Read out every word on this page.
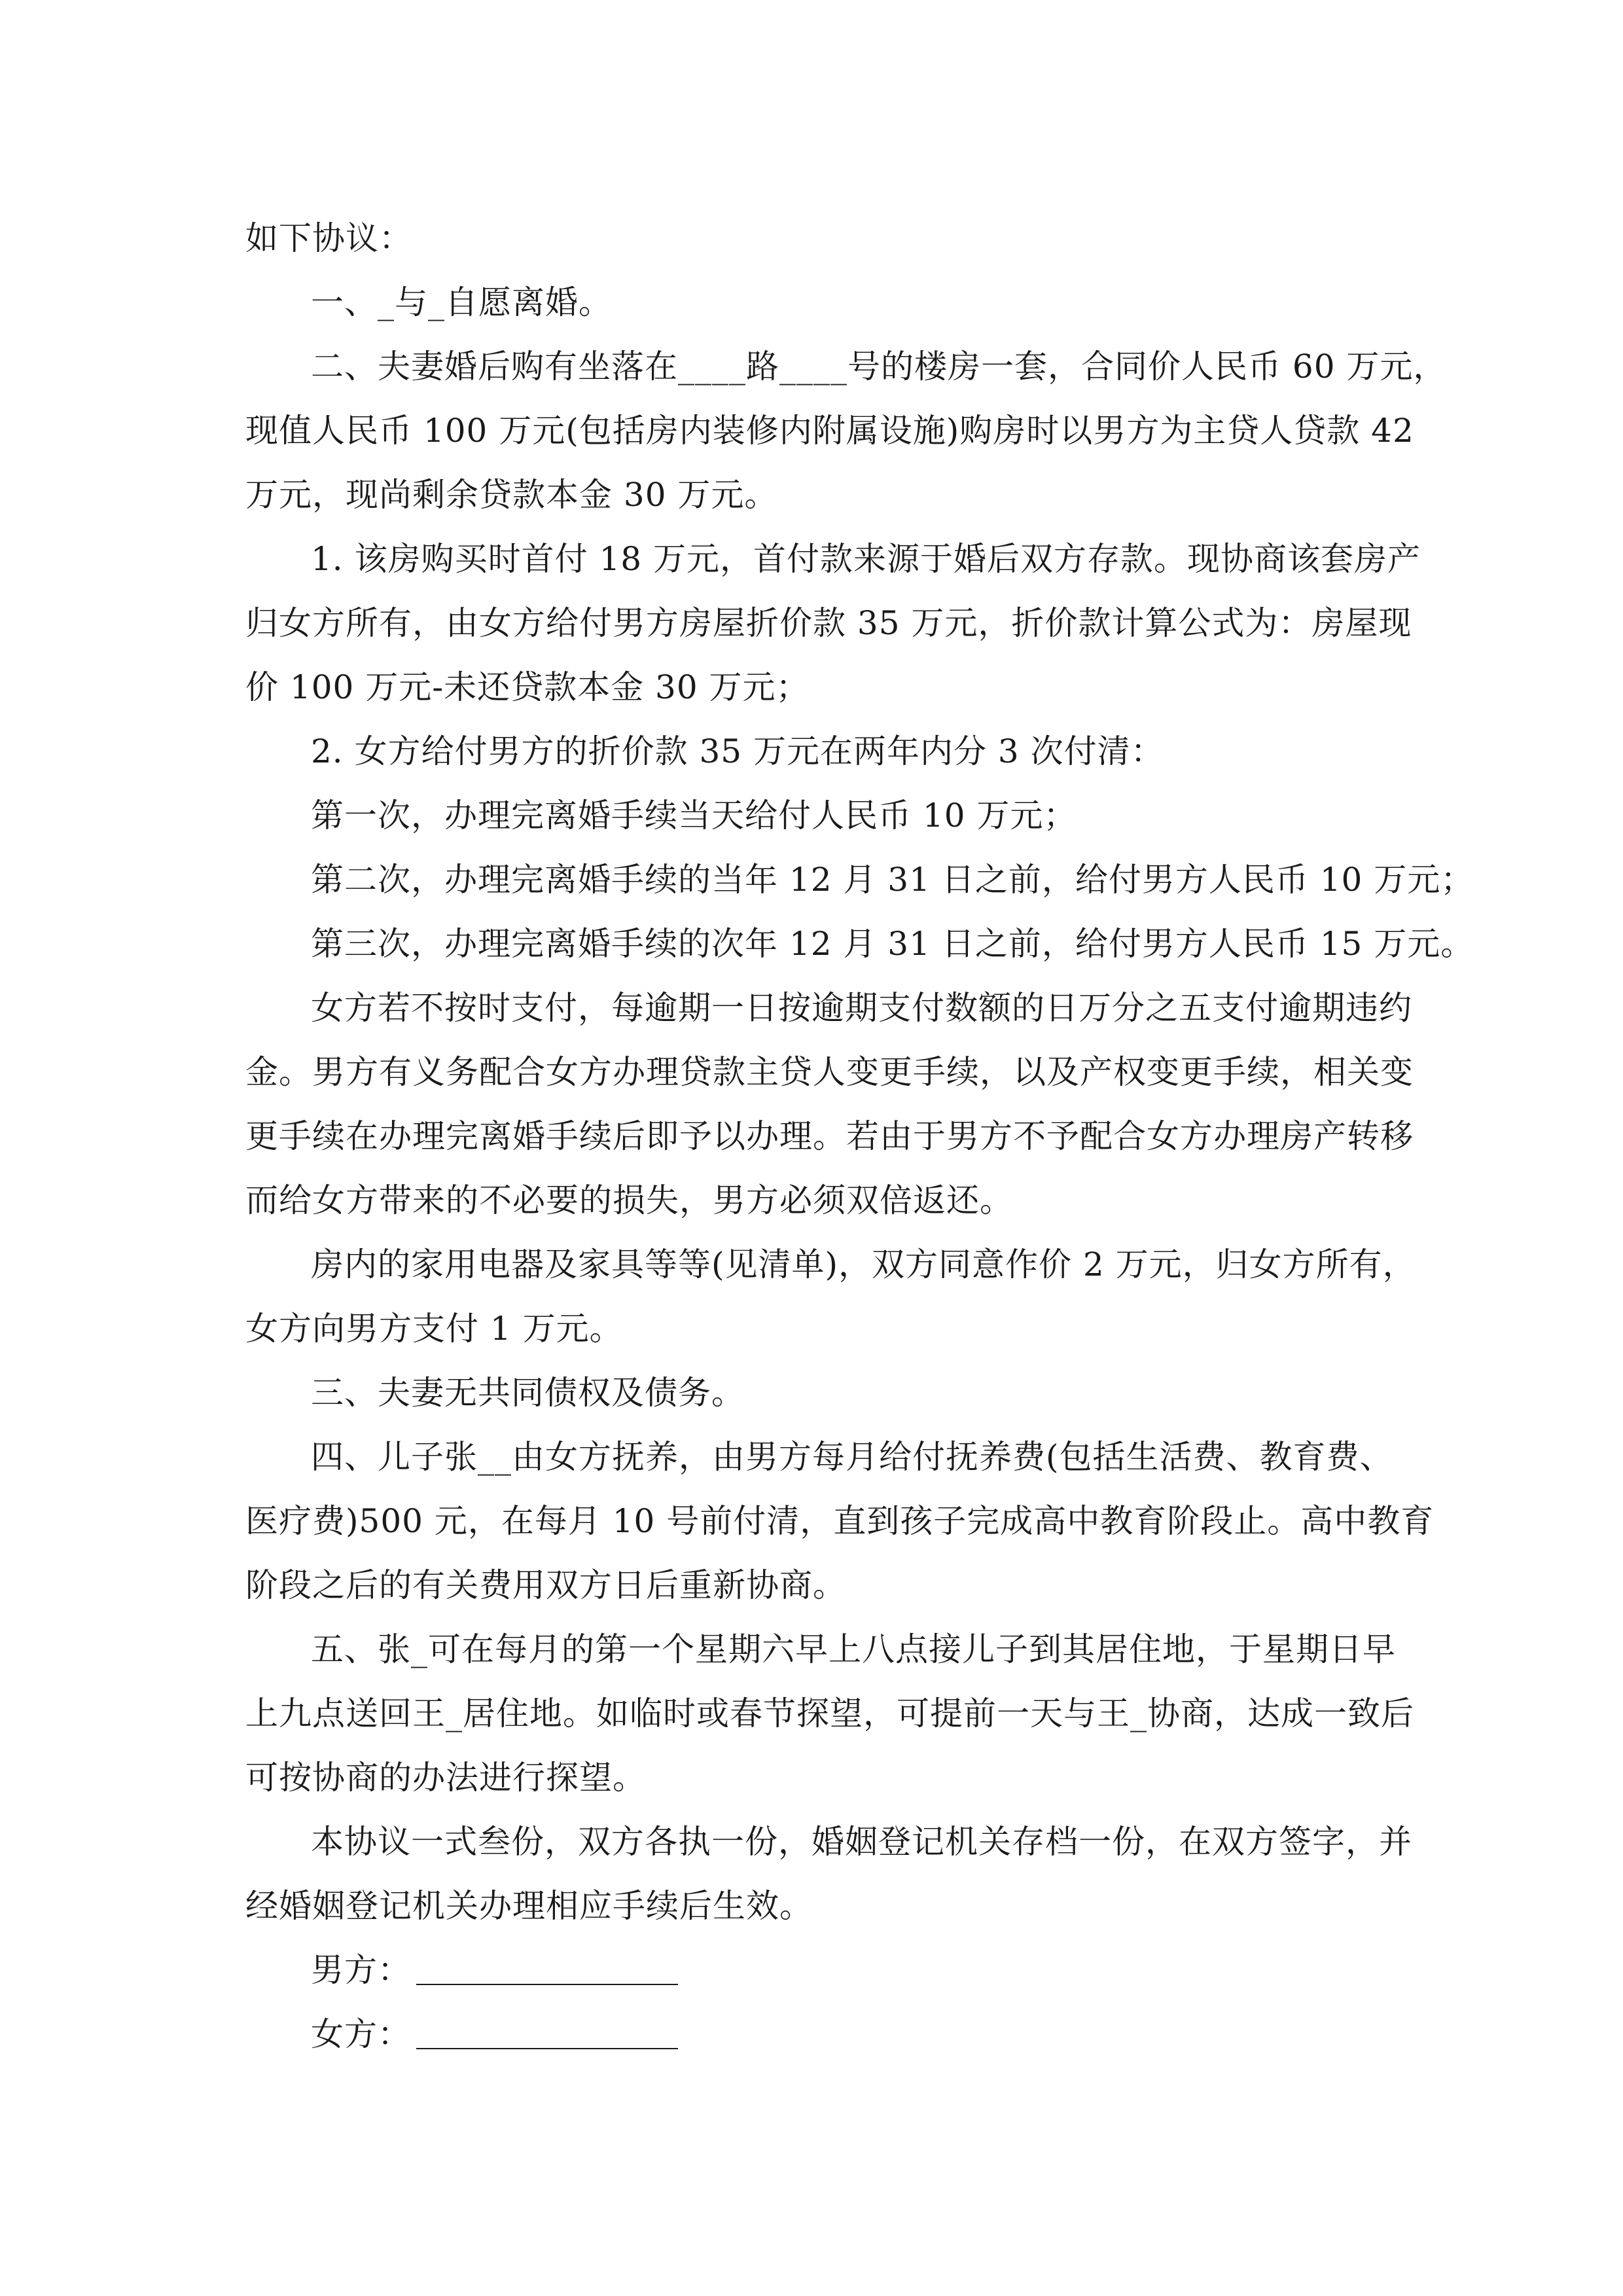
如下协议：

一、_与_自愿离婚。

二、夫妻婚后购有坐落在____路____号的楼房一套，合同价人民币 60 万元，

现值人民币 100 万元(包括房内装修内附属设施)购房时以男方为主贷人贷款 42

万元，现尚剩余贷款本金 30 万元。

1. 该房购买时首付 18 万元，首付款来源于婚后双方存款。现协商该套房产

归女方所有，由女方给付男方房屋折价款 35 万元，折价款计算公式为：房屋现

价 100 万元-未还贷款本金 30 万元；

2. 女方给付男方的折价款 35 万元在两年内分 3 次付清：

第一次，办理完离婚手续当天给付人民币 10 万元；

第二次，办理完离婚手续的当年 12 月 31 日之前，给付男方人民币 10 万元；

第三次，办理完离婚手续的次年 12 月 31 日之前，给付男方人民币 15 万元。

女方若不按时支付，每逾期一日按逾期支付数额的日万分之五支付逾期违约

金。男方有义务配合女方办理贷款主贷人变更手续，以及产权变更手续，相关变

更手续在办理完离婚手续后即予以办理。若由于男方不予配合女方办理房产转移

而给女方带来的不必要的损失，男方必须双倍返还。

房内的家用电器及家具等等(见清单)，双方同意作价 2 万元，归女方所有，

女方向男方支付 1 万元。

三、夫妻无共同债权及债务。

四、儿子张__由女方抚养，由男方每月给付抚养费(包括生活费、教育费、

医疗费)500 元，在每月 10 号前付清，直到孩子完成高中教育阶段止。高中教育

阶段之后的有关费用双方日后重新协商。

五、张_可在每月的第一个星期六早上八点接儿子到其居住地，于星期日早

上九点送回王_居住地。如临时或春节探望，可提前一天与王_协商，达成一致后

可按协商的办法进行探望。

本协议一式叁份，双方各执一份，婚姻登记机关存档一份，在双方签字，并

经婚姻登记机关办理相应手续后生效。

男方：

女方：
